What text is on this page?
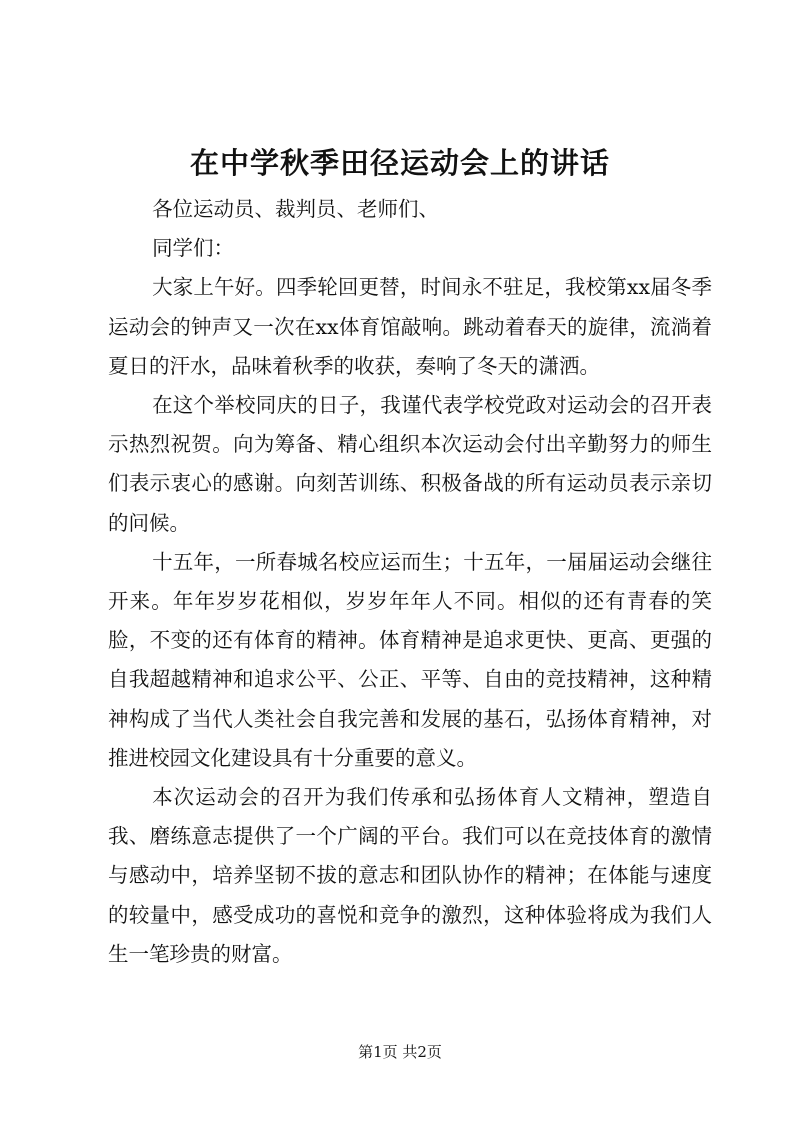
在中学秋季田径运动会上的讲话

各位运动员、裁判员、老师们、

同学们：

大家上午好。四季轮回更替，时间永不驻足，我校第xx届冬季运动会的钟声又一次在xx体育馆敲响。跳动着春天的旋律，流淌着夏日的汗水，品味着秋季的收获，奏响了冬天的潇洒。

在这个举校同庆的日子，我谨代表学校党政对运动会的召开表示热烈祝贺。向为筹备、精心组织本次运动会付出辛勤努力的师生们表示衷心的感谢。向刻苦训练、积极备战的所有运动员表示亲切的问候。

十五年，一所春城名校应运而生；十五年，一届届运动会继往开来。年年岁岁花相似，岁岁年年人不同。相似的还有青春的笑脸，不变的还有体育的精神。体育精神是追求更快、更高、更强的自我超越精神和追求公平、公正、平等、自由的竞技精神，这种精神构成了当代人类社会自我完善和发展的基石，弘扬体育精神，对推进校园文化建设具有十分重要的意义。

本次运动会的召开为我们传承和弘扬体育人文精神，塑造自我、磨练意志提供了一个广阔的平台。我们可以在竞技体育的激情与感动中，培养坚韧不拔的意志和团队协作的精神；在体能与速度的较量中，感受成功的喜悦和竞争的激烈，这种体验将成为我们人生一笔珍贵的财富。

第1页 共2页
